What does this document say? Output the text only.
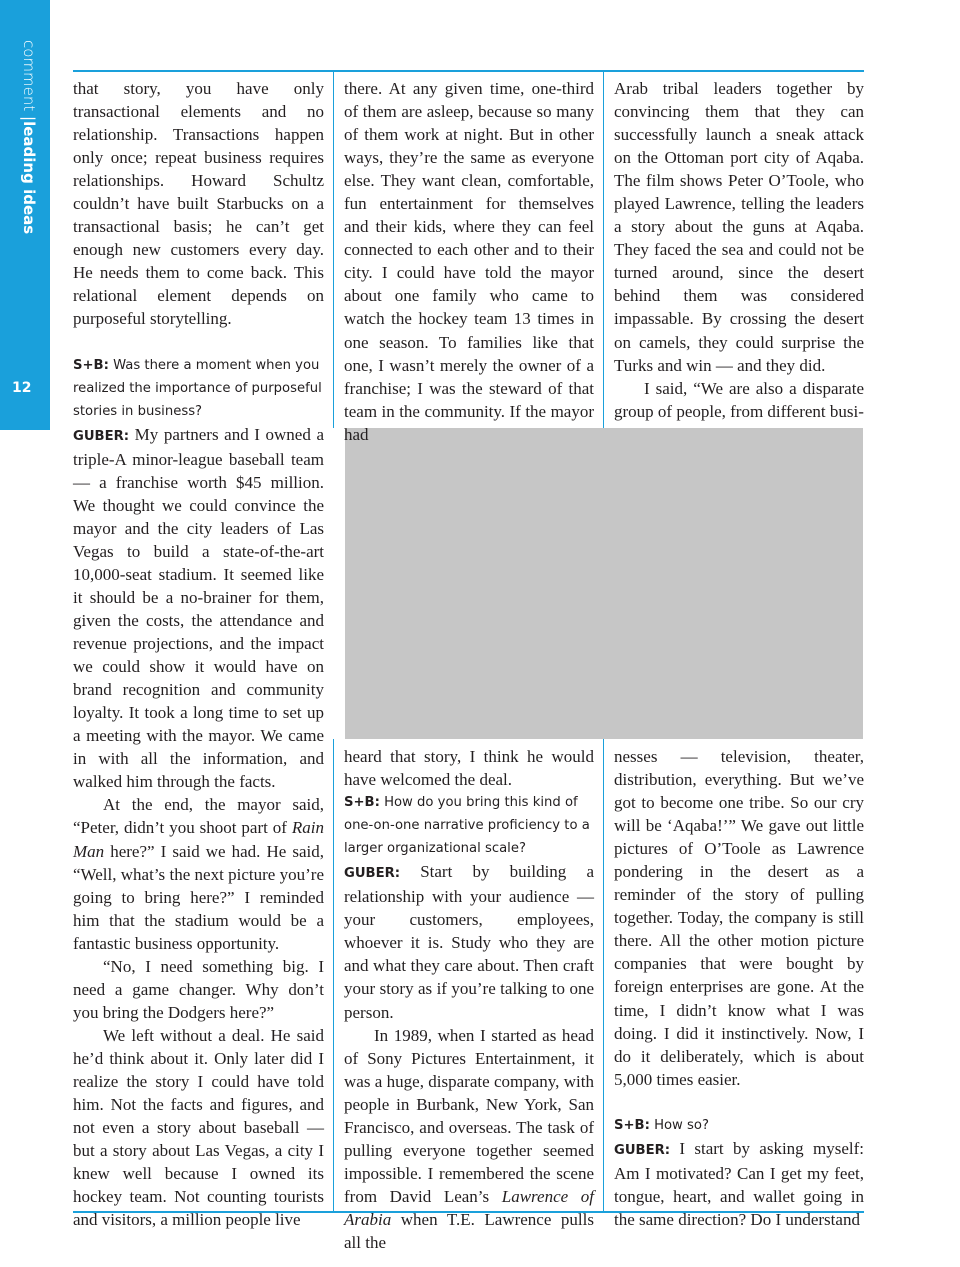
comment |leading ideas
12

that story, you have only transactional elements and no relationship. Transactions happen only once; repeat business requires relationships. Howard Schultz couldn’t have built Starbucks on a transactional basis; he can’t get enough new customers every day. He needs them to come back. This relational element depends on purposeful storytelling.

S+B: Was there a moment when you realized the importance of purposeful stories in business?

GUBER: My partners and I owned a triple-A minor-league baseball team — a franchise worth $45 million. We thought we could convince the mayor and the city leaders of Las Vegas to build a state-of-the-art 10,000-seat stadium. It seemed like it should be a no-brainer for them, given the costs, the attendance and revenue projections, and the impact we could show it would have on brand recognition and community loyalty. It took a long time to set up a meeting with the mayor. We came in with all the information, and walked him through the facts.

At the end, the mayor said, “Peter, didn’t you shoot part of Rain Man here?” I said we had. He said, “Well, what’s the next picture you’re going to bring here?” I reminded him that the stadium would be a fantastic business opportunity.

“No, I need something big. I need a game changer. Why don’t you bring the Dodgers here?”

We left without a deal. He said he’d think about it. Only later did I realize the story I could have told him. Not the facts and figures, and not even a story about baseball — but a story about Las Vegas, a city I knew well because I owned its hockey team. Not counting tourists and visitors, a million people live

there. At any given time, one-third of them are asleep, because so many of them work at night. But in other ways, they’re the same as everyone else. They want clean, comfortable, fun entertainment for themselves and their kids, where they can feel connected to each other and to their city. I could have told the mayor about one family who came to watch the hockey team 13 times in one season. To families like that one, I wasn’t merely the owner of a franchise; I was the steward of that team in the community. If the mayor had

heard that story, I think he would have welcomed the deal.

S+B: How do you bring this kind of one-on-one narrative proficiency to a larger organizational scale?

GUBER: Start by building a relationship with your audience — your customers, employees, whoever it is. Study who they are and what they care about. Then craft your story as if you’re talking to one person.

In 1989, when I started as head of Sony Pictures Entertainment, it was a huge, disparate company, with people in Burbank, New York, San Francisco, and overseas. The task of pulling everyone together seemed impossible. I remembered the scene from David Lean’s Lawrence of Arabia when T.E. Lawrence pulls all the

Arab tribal leaders together by convincing them that they can successfully launch a sneak attack on the Ottoman port city of Aqaba. The film shows Peter O’Toole, who played Lawrence, telling the leaders a story about the guns at Aqaba. They faced the sea and could not be turned around, since the desert behind them was considered impassable. By crossing the desert on camels, they could surprise the Turks and win — and they did.

I said, “We are also a disparate group of people, from different busi-

nesses — television, theater, distribution, everything. But we’ve got to become one tribe. So our cry will be ‘Aqaba!’” We gave out little pictures of O’Toole as Lawrence pondering in the desert as a reminder of the story of pulling together. Today, the company is still there. All the other motion picture companies that were bought by foreign enterprises are gone. At the time, I didn’t know what I was doing. I did it instinctively. Now, I do it deliberately, which is about 5,000 times easier.

S+B: How so?

GUBER: I start by asking myself: Am I motivated? Can I get my feet, tongue, heart, and wallet going in the same direction? Do I understand
